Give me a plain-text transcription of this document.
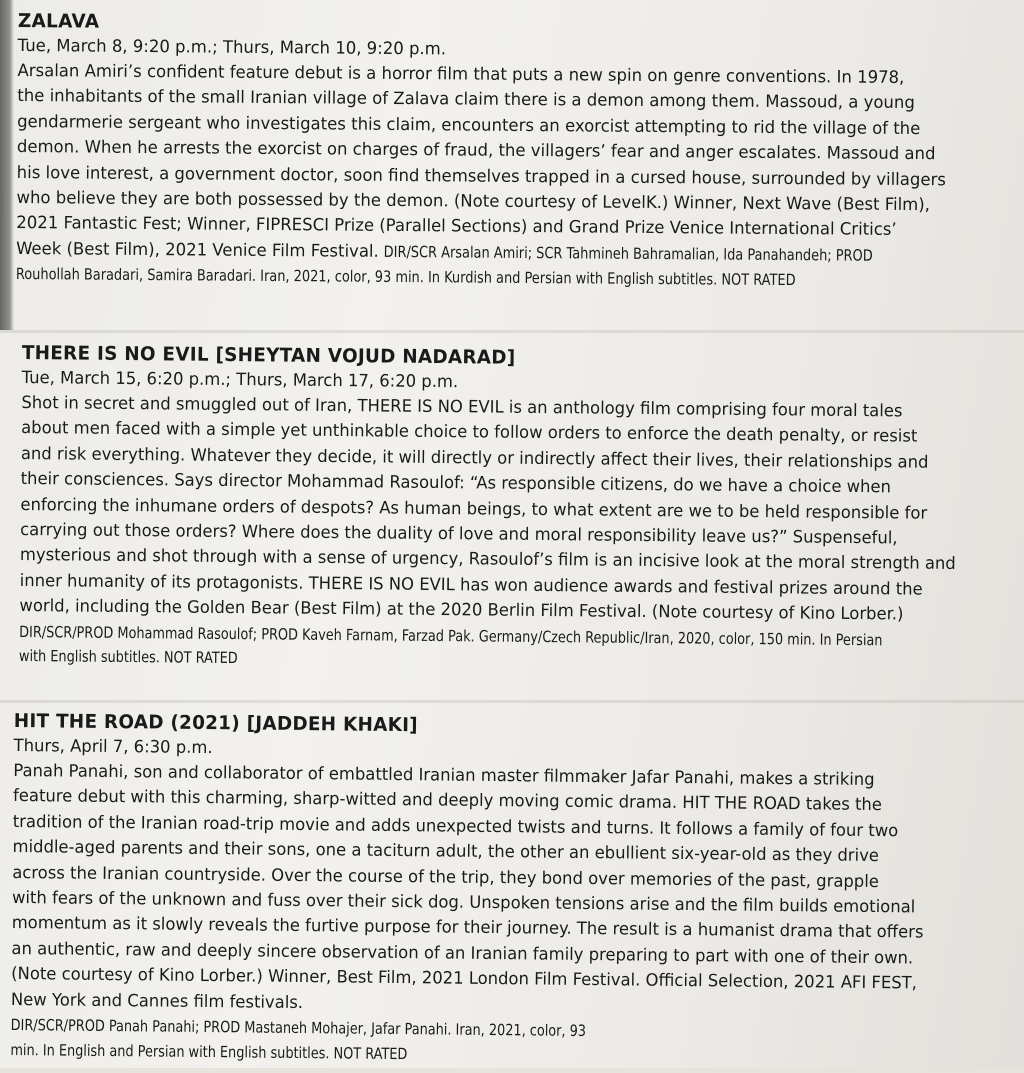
ZALAVA

Tue, March 8, 9:20 p.m.; Thurs, March 10, 9:20 p.m.

Arsalan Amiri’s confident feature debut is a horror film that puts a new spin on genre conventions. In 1978,

the inhabitants of the small Iranian village of Zalava claim there is a demon among them. Massoud, a young

gendarmerie sergeant who investigates this claim, encounters an exorcist attempting to rid the village of the

demon. When he arrests the exorcist on charges of fraud, the villagers’ fear and anger escalates. Massoud and

his love interest, a government doctor, soon find themselves trapped in a cursed house, surrounded by villagers

who believe they are both possessed by the demon. (Note courtesy of LevelK.) Winner, Next Wave (Best Film),

2021 Fantastic Fest; Winner, FIPRESCI Prize (Parallel Sections) and Grand Prize Venice International Critics’

Week (Best Film), 2021 Venice Film Festival. DIR/SCR Arsalan Amiri; SCR Tahmineh Bahramalian, Ida Panahandeh; PROD

Rouhollah Baradari, Samira Baradari. Iran, 2021, color, 93 min. In Kurdish and Persian with English subtitles. NOT RATED

THERE IS NO EVIL [SHEYTAN VOJUD NADARAD]

Tue, March 15, 6:20 p.m.; Thurs, March 17, 6:20 p.m.

Shot in secret and smuggled out of Iran, THERE IS NO EVIL is an anthology film comprising four moral tales

about men faced with a simple yet unthinkable choice to follow orders to enforce the death penalty, or resist

and risk everything. Whatever they decide, it will directly or indirectly affect their lives, their relationships and

their consciences. Says director Mohammad Rasoulof: “As responsible citizens, do we have a choice when

enforcing the inhumane orders of despots? As human beings, to what extent are we to be held responsible for

carrying out those orders? Where does the duality of love and moral responsibility leave us?” Suspenseful,

mysterious and shot through with a sense of urgency, Rasoulof’s film is an incisive look at the moral strength and

inner humanity of its protagonists. THERE IS NO EVIL has won audience awards and festival prizes around the

world, including the Golden Bear (Best Film) at the 2020 Berlin Film Festival. (Note courtesy of Kino Lorber.)

DIR/SCR/PROD Mohammad Rasoulof; PROD Kaveh Farnam, Farzad Pak. Germany/Czech Republic/Iran, 2020, color, 150 min. In Persian

with English subtitles. NOT RATED

HIT THE ROAD (2021) [JADDEH KHAKI]

Thurs, April 7, 6:30 p.m.

Panah Panahi, son and collaborator of embattled Iranian master filmmaker Jafar Panahi, makes a striking

feature debut with this charming, sharp-witted and deeply moving comic drama. HIT THE ROAD takes the

tradition of the Iranian road-trip movie and adds unexpected twists and turns. It follows a family of four two

middle-aged parents and their sons, one a taciturn adult, the other an ebullient six-year-old as they drive

across the Iranian countryside. Over the course of the trip, they bond over memories of the past, grapple

with fears of the unknown and fuss over their sick dog. Unspoken tensions arise and the film builds emotional

momentum as it slowly reveals the furtive purpose for their journey. The result is a humanist drama that offers

an authentic, raw and deeply sincere observation of an Iranian family preparing to part with one of their own.

(Note courtesy of Kino Lorber.) Winner, Best Film, 2021 London Film Festival. Official Selection, 2021 AFI FEST,

New York and Cannes film festivals. DIR/SCR/PROD Panah Panahi; PROD Mastaneh Mohajer, Jafar Panahi. Iran, 2021, color, 93

min. In English and Persian with English subtitles. NOT RATED
